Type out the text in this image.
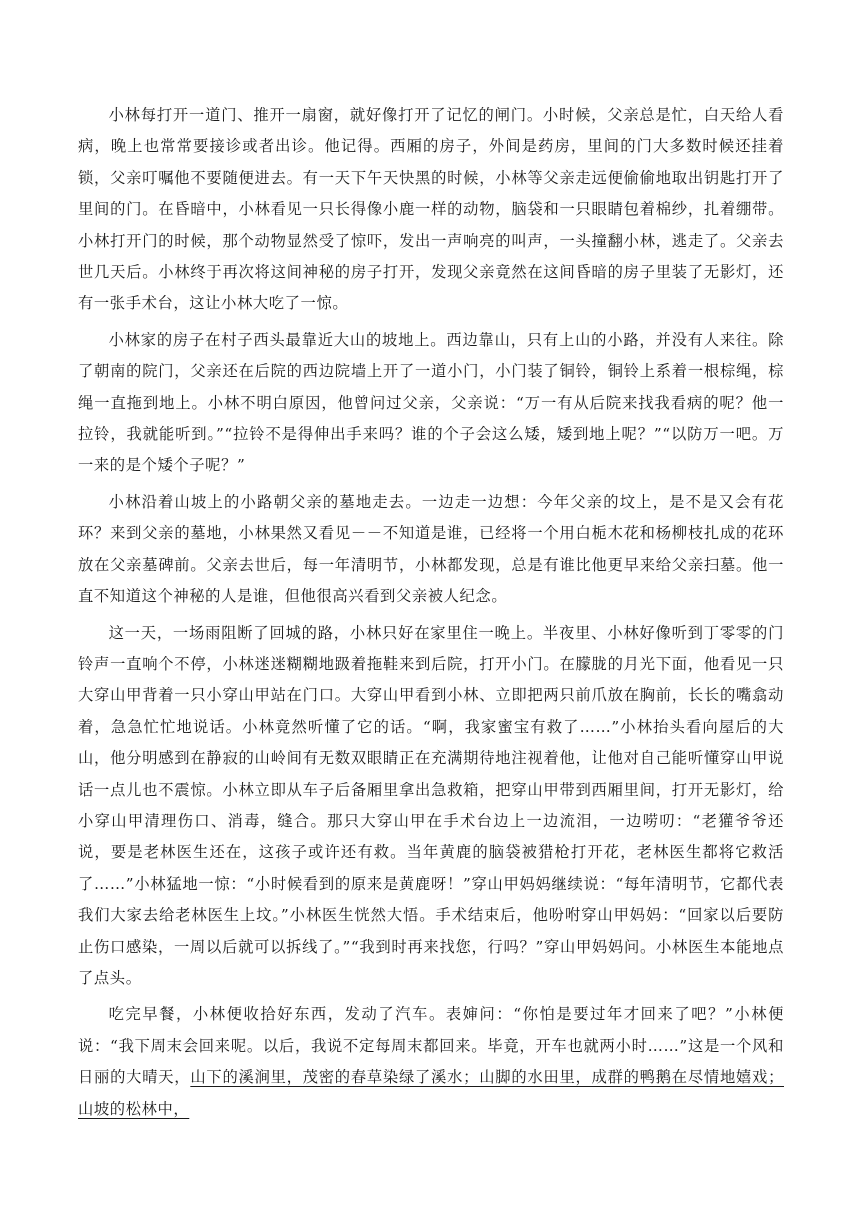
小林每打开一道门、推开一扇窗，就好像打开了记忆的闸门。小时候，父亲总是忙，白天给人看病，晚上也常常要接诊或者出诊。他记得。西厢的房子，外间是药房，里间的门大多数时候还挂着锁，父亲叮嘱他不要随便进去。有一天下午天快黑的时候，小林等父亲走远便偷偷地取出钥匙打开了里间的门。在昏暗中，小林看见一只长得像小鹿一样的动物，脑袋和一只眼睛包着棉纱，扎着绷带。小林打开门的时候，那个动物显然受了惊吓，发出一声响亮的叫声，一头撞翻小林，逃走了。父亲去世几天后。小林终于再次将这间神秘的房子打开，发现父亲竟然在这间昏暗的房子里装了无影灯，还有一张手术台，这让小林大吃了一惊。

小林家的房子在村子西头最靠近大山的坡地上。西边靠山，只有上山的小路，并没有人来往。除了朝南的院门，父亲还在后院的西边院墙上开了一道小门，小门装了铜铃，铜铃上系着一根棕绳，棕绳一直拖到地上。小林不明白原因，他曾问过父亲，父亲说：“万一有从后院来找我看病的呢？他一拉铃，我就能听到。”“拉铃不是得伸出手来吗？谁的个子会这么矮，矮到地上呢？”“以防万一吧。万一来的是个矮个子呢？”

小林沿着山坡上的小路朝父亲的墓地走去。一边走一边想：今年父亲的坟上，是不是又会有花环？来到父亲的墓地，小林果然又看见－－不知道是谁，已经将一个用白栀木花和杨柳枝扎成的花环放在父亲墓碑前。父亲去世后，每一年清明节，小林都发现，总是有谁比他更早来给父亲扫墓。他一直不知道这个神秘的人是谁，但他很高兴看到父亲被人纪念。

这一天，一场雨阻断了回城的路，小林只好在家里住一晚上。半夜里、小林好像听到丁零零的门铃声一直响个不停，小林迷迷糊糊地趿着拖鞋来到后院，打开小门。在朦胧的月光下面，他看见一只大穿山甲背着一只小穿山甲站在门口。大穿山甲看到小林、立即把两只前爪放在胸前，长长的嘴翕动着，急急忙忙地说话。小林竟然听懂了它的话。“啊，我家蜜宝有救了……”小林抬头看向屋后的大山，他分明感到在静寂的山岭间有无数双眼睛正在充满期待地注视着他，让他对自己能听懂穿山甲说话一点儿也不震惊。小林立即从车子后备厢里拿出急救箱，把穿山甲带到西厢里间，打开无影灯，给小穿山甲清理伤口、消毒，缝合。那只大穿山甲在手术台边上一边流泪，一边唠叨：“老獾爷爷还说，要是老林医生还在，这孩子或许还有救。当年黄鹿的脑袋被猎枪打开花，老林医生都将它救活了……”小林猛地一惊：“小时候看到的原来是黄鹿呀！”穿山甲妈妈继续说：“每年清明节，它都代表我们大家去给老林医生上坟。”小林医生恍然大悟。手术结束后，他吩咐穿山甲妈妈：“回家以后要防止伤口感染，一周以后就可以拆线了。”“我到时再来找您，行吗？”穿山甲妈妈问。小林医生本能地点了点头。

吃完早餐，小林便收拾好东西，发动了汽车。表婶问：“你怕是要过年才回来了吧？”小林便说：“我下周末会回来呢。以后，我说不定每周末都回来。毕竟，开车也就两小时……”这是一个风和日丽的大晴天，山下的溪涧里，茂密的春草染绿了溪水；山脚的水田里，成群的鸭鹅在尽情地嬉戏；山坡的松林中，
